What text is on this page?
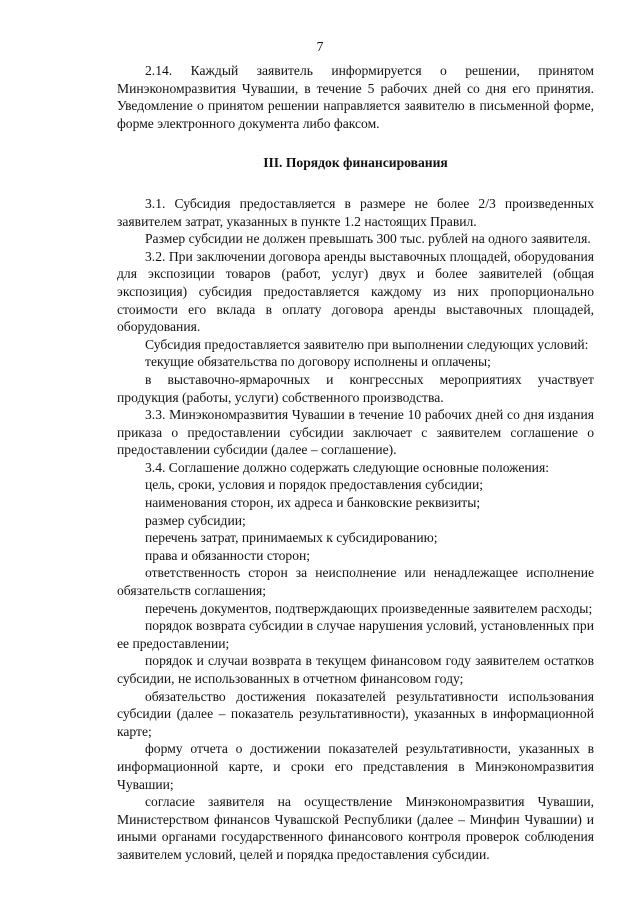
7

2.14. Каждый заявитель информируется о решении, принятом Минэкономразвития Чувашии, в течение 5 рабочих дней со дня его принятия. Уведомление о принятом решении направляется заявителю в письменной форме, форме электронного документа либо факсом.

III. Порядок финансирования

3.1. Субсидия предоставляется в размере не более 2/3 произведенных заявителем затрат, указанных в пункте 1.2 настоящих Правил.

Размер субсидии не должен превышать 300 тыс. рублей на одного заявителя.

3.2. При заключении договора аренды выставочных площадей, оборудования для экспозиции товаров (работ, услуг) двух и более заявителей (общая экспозиция) субсидия предоставляется каждому из них пропорционально стоимости его вклада в оплату договора аренды выставочных площадей, оборудования.

Субсидия предоставляется заявителю при выполнении следующих условий:

текущие обязательства по договору исполнены и оплачены;

в выставочно-ярмарочных и конгрессных мероприятиях участвует продукция (работы, услуги) собственного производства.

3.3. Минэкономразвития Чувашии в течение 10 рабочих дней со дня издания приказа о предоставлении субсидии заключает с заявителем соглашение о предоставлении субсидии (далее – соглашение).

3.4. Соглашение должно содержать следующие основные положения:

цель, сроки, условия и порядок предоставления субсидии;

наименования сторон, их адреса и банковские реквизиты;

размер субсидии;

перечень затрат, принимаемых к субсидированию;

права и обязанности сторон;

ответственность сторон за неисполнение или ненадлежащее исполнение обязательств соглашения;

перечень документов, подтверждающих произведенные заявителем расходы;

порядок возврата субсидии в случае нарушения условий, установленных при ее предоставлении;

порядок и случаи возврата в текущем финансовом году заявителем остатков субсидии, не использованных в отчетном финансовом году;

обязательство достижения показателей результативности использования субсидии (далее – показатель результативности), указанных в информационной карте;

форму отчета о достижении показателей результативности, указанных в информационной карте, и сроки его представления в Минэкономразвития Чувашии;

согласие заявителя на осуществление Минэкономразвития Чувашии, Министерством финансов Чувашской Республики (далее – Минфин Чувашии) и иными органами государственного финансового контроля проверок соблюдения заявителем условий, целей и порядка предоставления субсидии.
